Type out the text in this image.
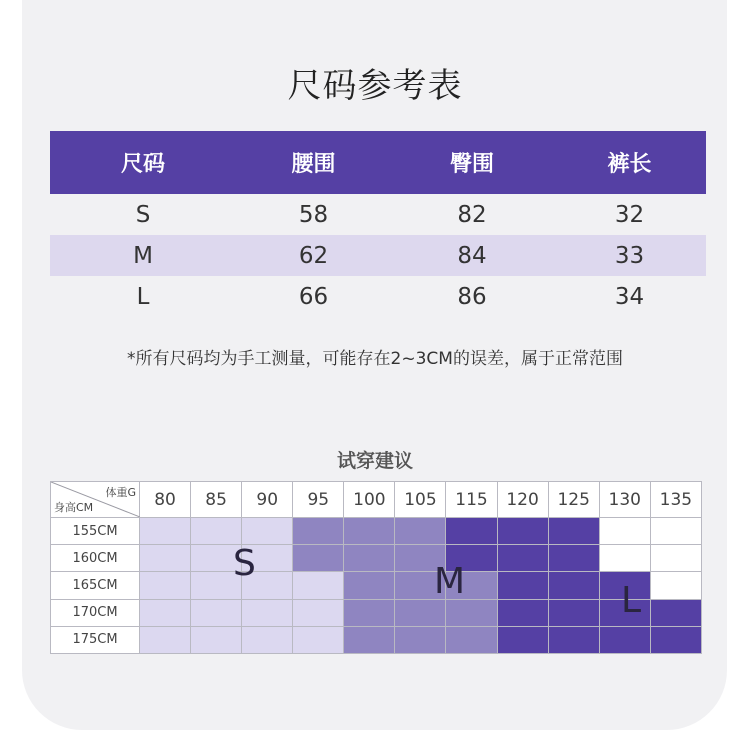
尺码参考表
尺码	腰围	臀围	裤长
S	58	82	32
M	62	84	33
L	66	86	34
*所有尺码均为手工测量，可能存在2~3CM的误差，属于正常范围
试穿建议
体重G
身高CM	80	85	90	95	100	105	115	120	125	130	135
155CM											
160CM											
165CM											
170CM											
175CM											
S	M	L
